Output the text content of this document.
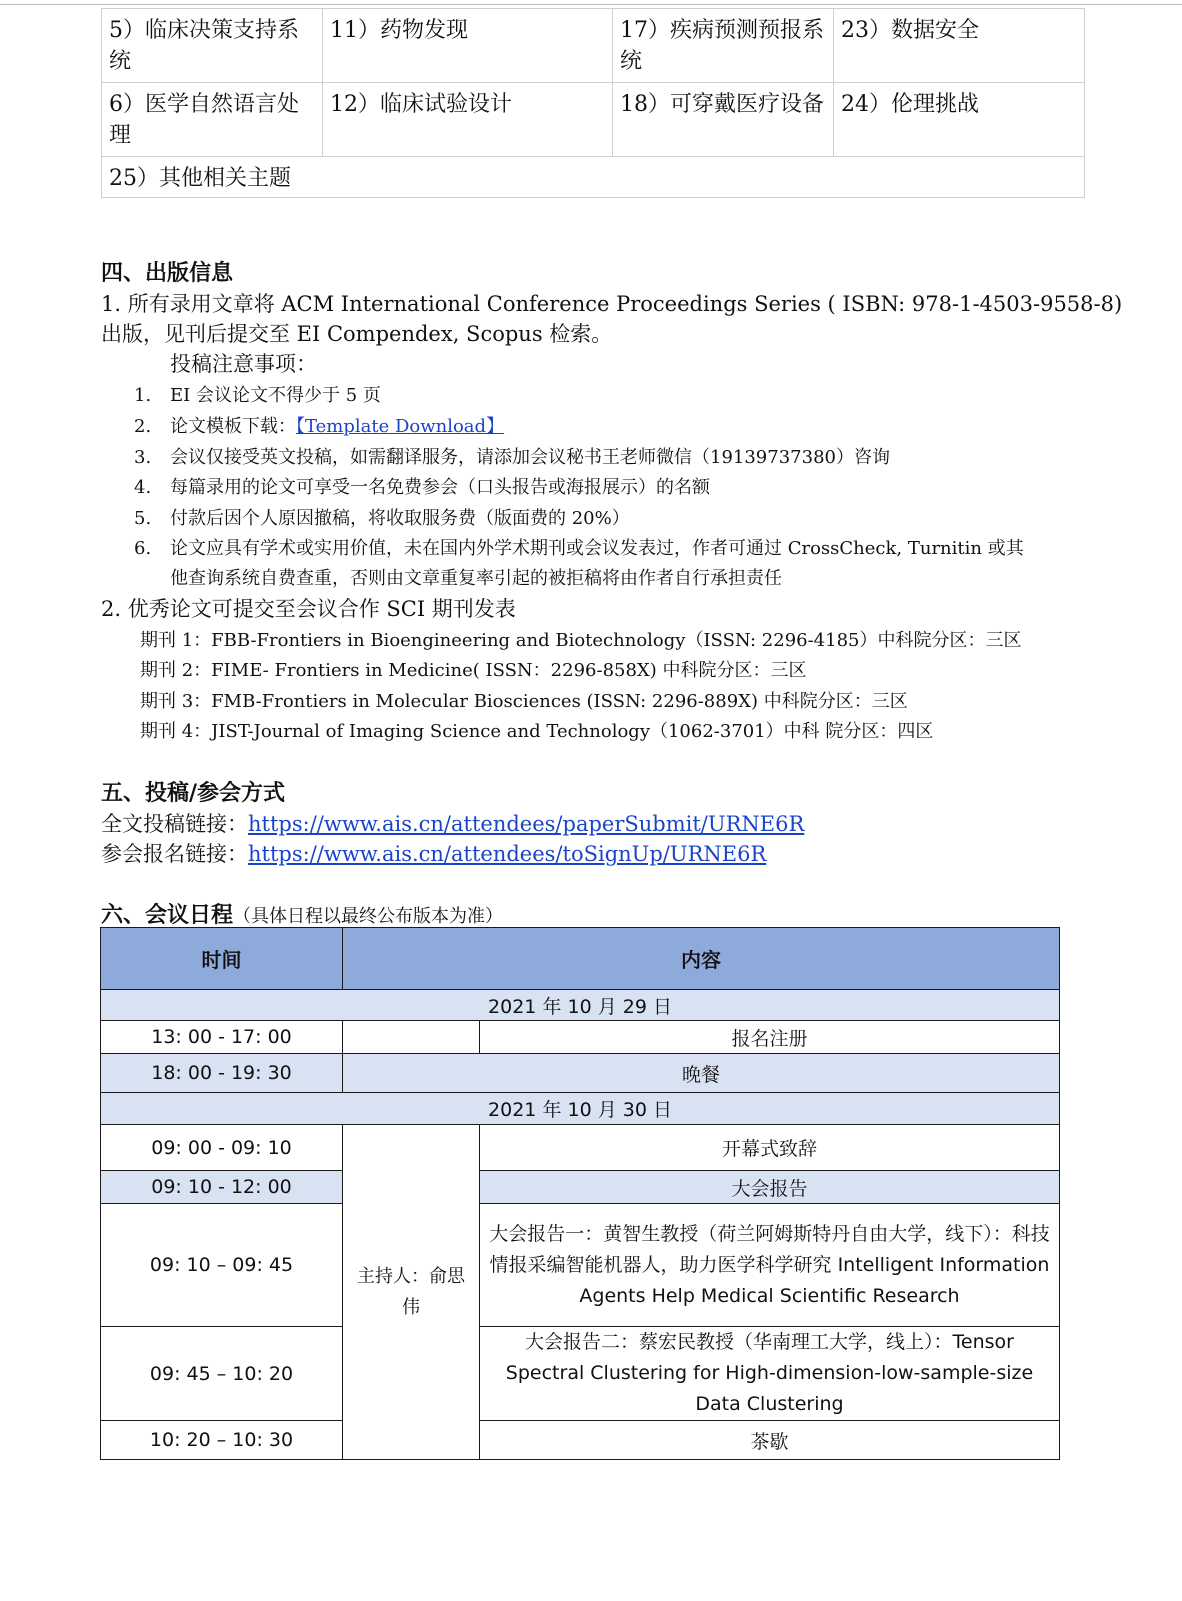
5）临床决策支持系统	11）药物发现	17）疾病预测预报系统	23）数据安全
6）医学自然语言处理	12）临床试验设计	18）可穿戴医疗设备	24）伦理挑战
25）其他相关主题			
四、出版信息
1. 所有录用文章将 ACM International Conference Proceedings Series ( ISBN: 978-1-4503-9558-8)
出版，见刊后提交至 EI Compendex, Scopus 检索。
投稿注意事项：
1. EI 会议论文不得少于 5 页
2. 论文模板下载：【Template Download】
3. 会议仅接受英文投稿，如需翻译服务，请添加会议秘书王老师微信（19139737380）咨询
4. 每篇录用的论文可享受一名免费参会（口头报告或海报展示）的名额
5. 付款后因个人原因撤稿，将收取服务费（版面费的 20%）
6. 论文应具有学术或实用价值，未在国内外学术期刊或会议发表过，作者可通过 CrossCheck, Turnitin 或其
他查询系统自费查重，否则由文章重复率引起的被拒稿将由作者自行承担责任
2. 优秀论文可提交至会议合作 SCI 期刊发表
期刊 1：FBB-Frontiers in Bioengineering and Biotechnology（ISSN: 2296-4185）中科院分区：三区
期刊 2：FIME- Frontiers in Medicine( ISSN：2296-858X) 中科院分区：三区
期刊 3：FMB-Frontiers in Molecular Biosciences (ISSN: 2296-889X) 中科院分区：三区
期刊 4：JIST-Journal of Imaging Science and Technology（1062-3701）中科 院分区：四区
五、投稿/参会方式
全文投稿链接：https://www.ais.cn/attendees/paperSubmit/URNE6R
参会报名链接：https://www.ais.cn/attendees/toSignUp/URNE6R
六、会议日程（具体日程以最终公布版本为准）
时间	内容	
2021 年 10 月 29 日		
13: 00 - 17: 00		报名注册
18: 00 - 19: 30	晚餐	
2021 年 10 月 30 日		
09: 00 - 09: 10	主持人：俞思伟	开幕式致辞
09: 10 - 12: 00		大会报告
09: 10 – 09: 45		大会报告一：黄智生教授（荷兰阿姆斯特丹自由大学，线下）：科技情报采编智能机器人，助力医学科学研究 Intelligent Information Agents Help Medical Scientific Research
09: 45 – 10: 20		大会报告二：蔡宏民教授（华南理工大学，线上）：Tensor Spectral Clustering for High-dimension-low-sample-size Data Clustering
10: 20 – 10: 30		茶歇
